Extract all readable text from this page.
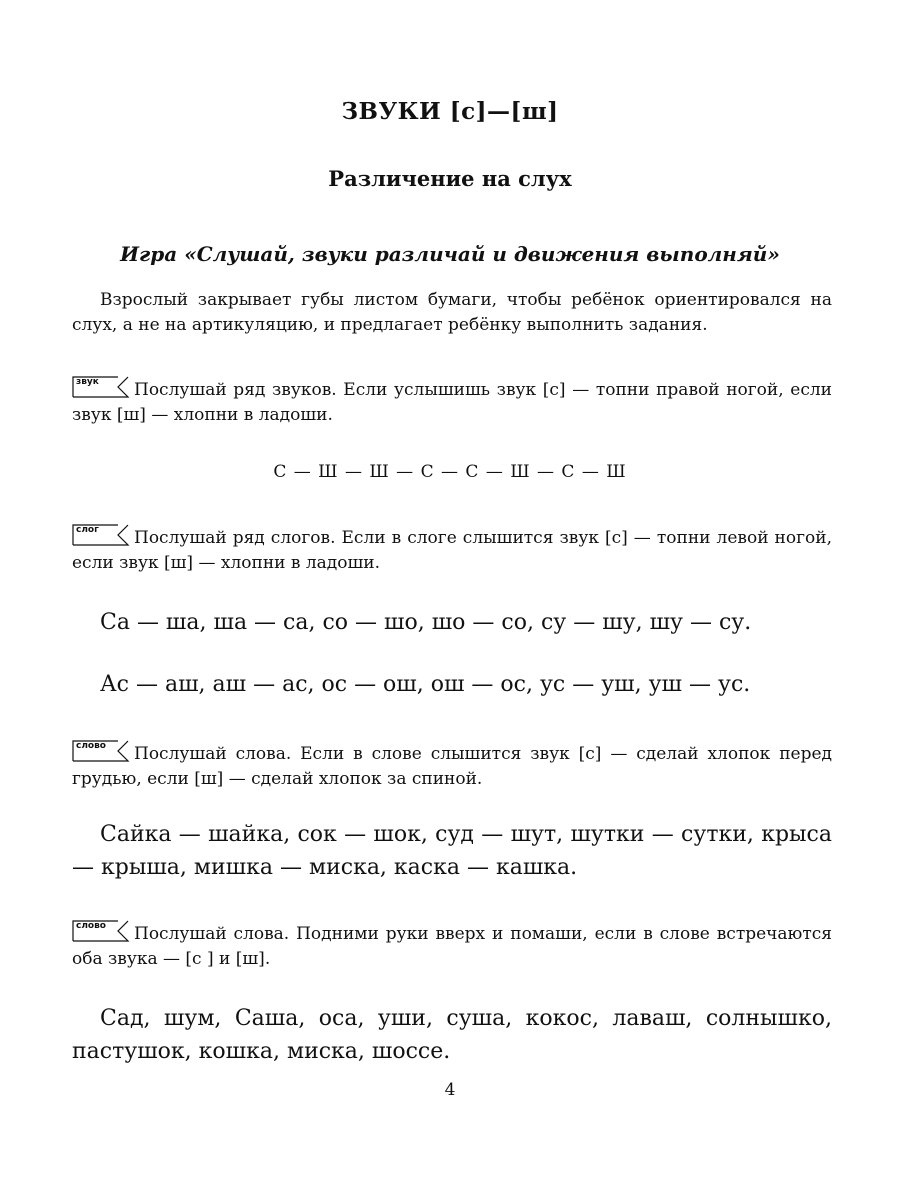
ЗВУКИ [с]—[ш]
Различение на слух
Игра «Слушай, звуки различай и движения выполняй»
Взрослый закрывает губы листом бумаги, чтобы ребёнок ориентировался на слух, а не на артикуляцию, и предлагает ребёнку выполнить задания.
звук Послушай ряд звуков. Если услышишь звук [с] — топни правой ногой, если звук [ш] — хлопни в ладоши.
С — Ш — Ш — С — С — Ш — С — Ш
слог Послушай ряд слогов. Если в слоге слышится звук [с] — топни левой ногой, если звук [ш] — хлопни в ладоши.
Са — ша, ша — са, со — шо, шо — со, су — шу, шу — су.
Ас — аш, аш — ас, ос — ош, ош — ос, ус — уш, уш — ус.
слово Послушай слова. Если в слове слышится звук [с] — сделай хлопок перед грудью, если [ш] — сделай хлопок за спиной.
Сайка — шайка, сок — шок, суд — шут, шутки — сутки, крыса — крыша, мишка — миска, каска — кашка.
слово Послушай слова. Подними руки вверх и помаши, если в слове встречаются оба звука — [с ] и [ш].
Сад, шум, Саша, оса, уши, суша, кокос, лаваш, солнышко, пастушок, кошка, миска, шоссе.
4
